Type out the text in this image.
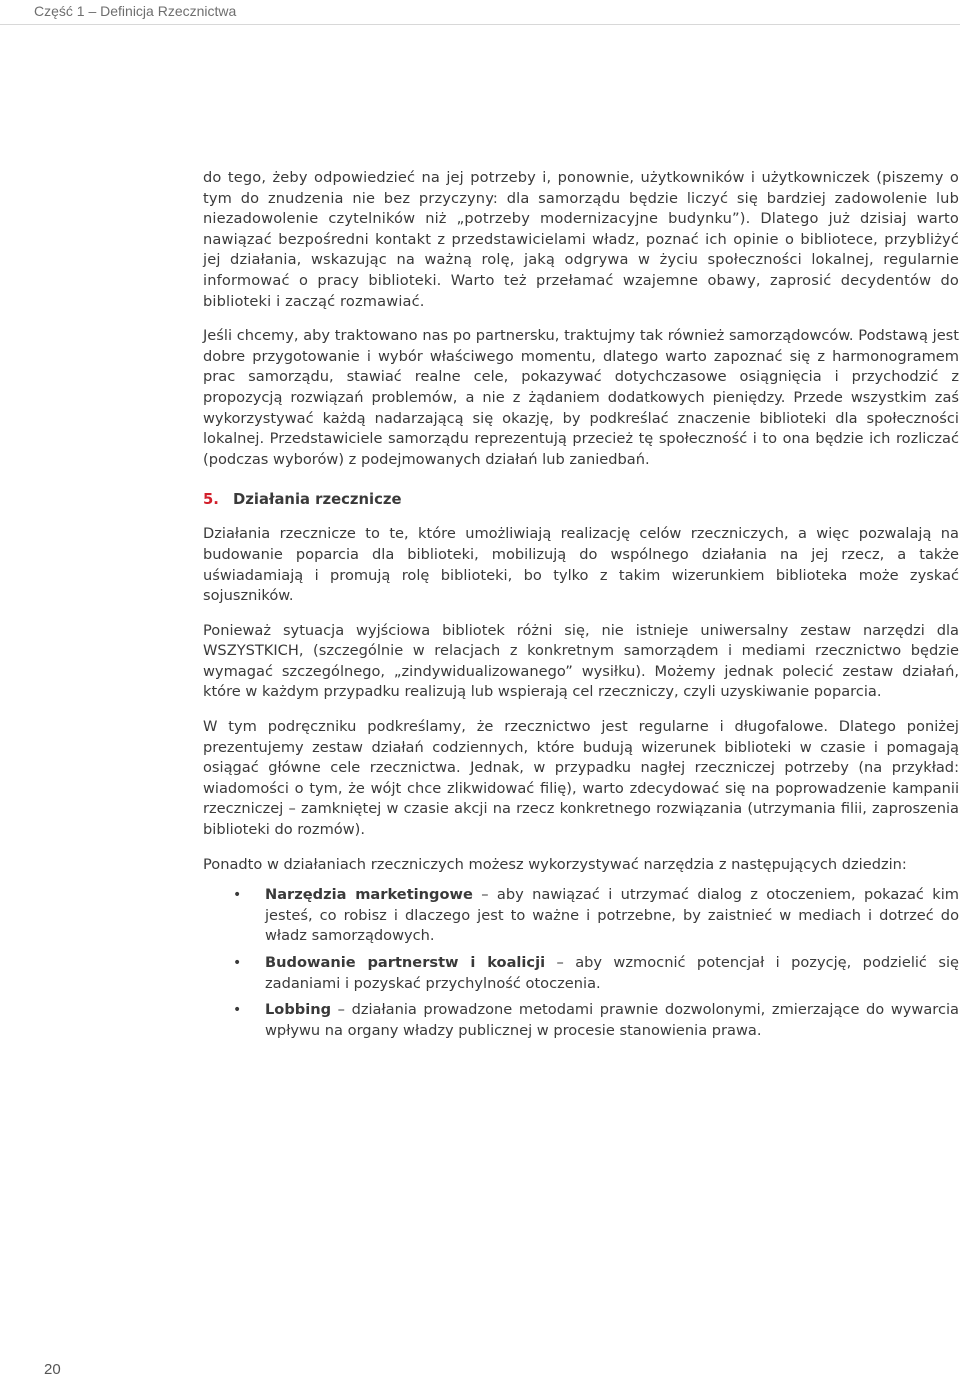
Część 1 – Definicja Rzecznictwa

do tego, żeby odpowiedzieć na jej potrzeby i, ponownie, użytkowników i użytkowniczek (piszemy o tym do znudzenia nie bez przyczyny: dla samorządu będzie liczyć się bardziej zadowolenie lub niezadowolenie czytelników niż „potrzeby modernizacyjne budynku”). Dlatego już dzisiaj warto nawiązać bezpośredni kontakt z przedstawicielami władz, poznać ich opinie o bibliotece, przybliżyć jej działania, wskazując na ważną rolę, jaką odgrywa w życiu społeczności lokalnej, regularnie informować o pracy biblioteki. Warto też przełamać wzajemne obawy, zaprosić decydentów do biblioteki i zacząć rozmawiać.

Jeśli chcemy, aby traktowano nas po partnersku, traktujmy tak również samorządowców. Podstawą jest dobre przygotowanie i wybór właściwego momentu, dlatego warto zapoznać się z harmonogramem prac samorządu, stawiać realne cele, pokazywać dotychczasowe osiągnięcia i przychodzić z propozycją rozwiązań problemów, a nie z żądaniem dodatkowych pieniędzy. Przede wszystkim zaś wykorzystywać każdą nadarzającą się okazję, by podkreślać znaczenie biblioteki dla społeczności lokalnej. Przedstawiciele samorządu reprezentują przecież tę społeczność i to ona będzie ich rozliczać (podczas wyborów) z podejmowanych działań lub zaniedbań.

5. Działania rzecznicze

Działania rzecznicze to te, które umożliwiają realizację celów rzeczniczych, a więc pozwalają na budowanie poparcia dla biblioteki, mobilizują do wspólnego działania na jej rzecz, a także uświadamiają i promują rolę biblioteki, bo tylko z takim wizerunkiem biblioteka może zyskać sojuszników.

Ponieważ sytuacja wyjściowa bibliotek różni się, nie istnieje uniwersalny zestaw narzędzi dla WSZYSTKICH, (szczególnie w relacjach z konkretnym samorządem i mediami rzecznictwo będzie wymagać szczególnego, „zindywidualizowanego” wysiłku). Możemy jednak polecić zestaw działań, które w każdym przypadku realizują lub wspierają cel rzeczniczy, czyli uzyskiwanie poparcia.

W tym podręczniku podkreślamy, że rzecznictwo jest regularne i długofalowe. Dlatego poniżej prezentujemy zestaw działań codziennych, które budują wizerunek biblioteki w czasie i pomagają osiągać główne cele rzecznictwa. Jednak, w przypadku nagłej rzeczniczej potrzeby (na przykład: wiadomości o tym, że wójt chce zlikwidować filię), warto zdecydować się na poprowadzenie kampanii rzeczniczej – zamkniętej w czasie akcji na rzecz konkretnego rozwiązania (utrzymania filii, zaproszenia biblioteki do rozmów).

Ponadto w działaniach rzeczniczych możesz wykorzystywać narzędzia z następujących dziedzin:

• Narzędzia marketingowe – aby nawiązać i utrzymać dialog z otoczeniem, pokazać kim jesteś, co robisz i dlaczego jest to ważne i potrzebne, by zaistnieć w mediach i dotrzeć do władz samorządowych.
• Budowanie partnerstw i koalicji – aby wzmocnić potencjał i pozycję, podzielić się zadaniami i pozyskać przychylność otoczenia.
• Lobbing – działania prowadzone metodami prawnie dozwolonymi, zmierzające do wywarcia wpływu na organy władzy publicznej w procesie stanowienia prawa.
20
